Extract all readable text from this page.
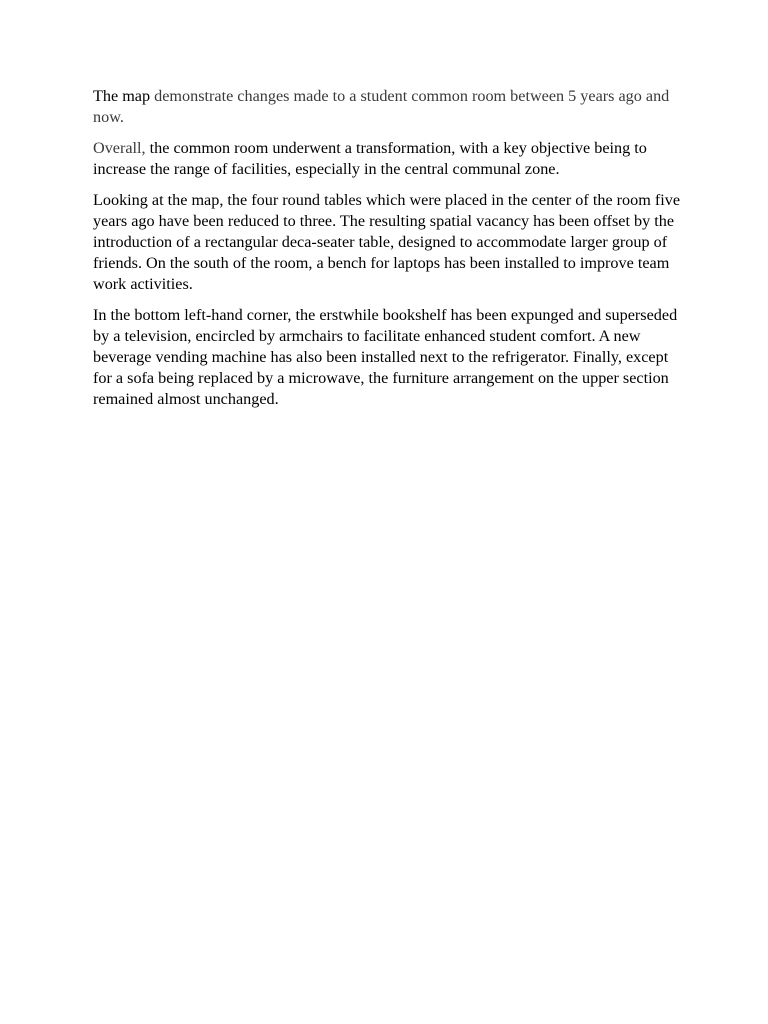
The map demonstrate changes made to a student common room between 5 years ago and now.

Overall, the common room underwent a transformation, with a key objective being to increase the range of facilities, especially in the central communal zone.

Looking at the map, the four round tables which were placed in the center of the room five years ago have been reduced to three. The resulting spatial vacancy has been offset by the introduction of a rectangular deca-seater table, designed to accommodate larger group of friends. On the south of the room, a bench for laptops has been installed to improve team work activities.

In the bottom left-hand corner, the erstwhile bookshelf has been expunged and superseded by a television, encircled by armchairs to facilitate enhanced student comfort. A new beverage vending machine has also been installed next to the refrigerator. Finally, except for a sofa being replaced by a microwave, the furniture arrangement on the upper section remained almost unchanged.
